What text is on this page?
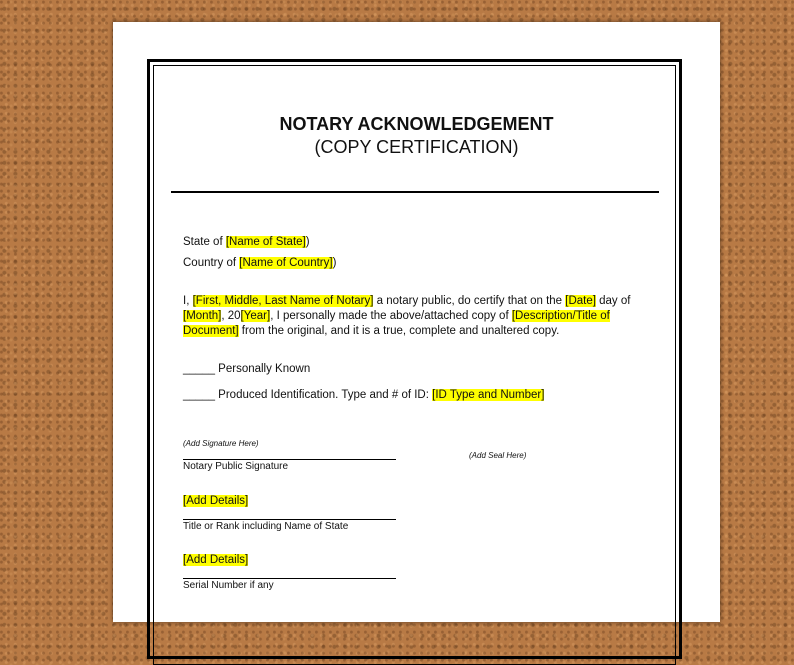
NOTARY ACKNOWLEDGEMENT
(COPY CERTIFICATION)
State of [Name of State])
Country of [Name of Country])
I, [First, Middle, Last Name of Notary] a notary public, do certify that on the [Date] day of
[Month], 20[Year], I personally made the above/attached copy of [Description/Title of
Document] from the original, and it is a true, complete and unaltered copy.
_____ Personally Known
_____ Produced Identification. Type and # of ID: [ID Type and Number]
(Add Signature Here)
Notary Public Signature
(Add Seal Here)
[Add Details]
Title or Rank including Name of State
[Add Details]
Serial Number if any
